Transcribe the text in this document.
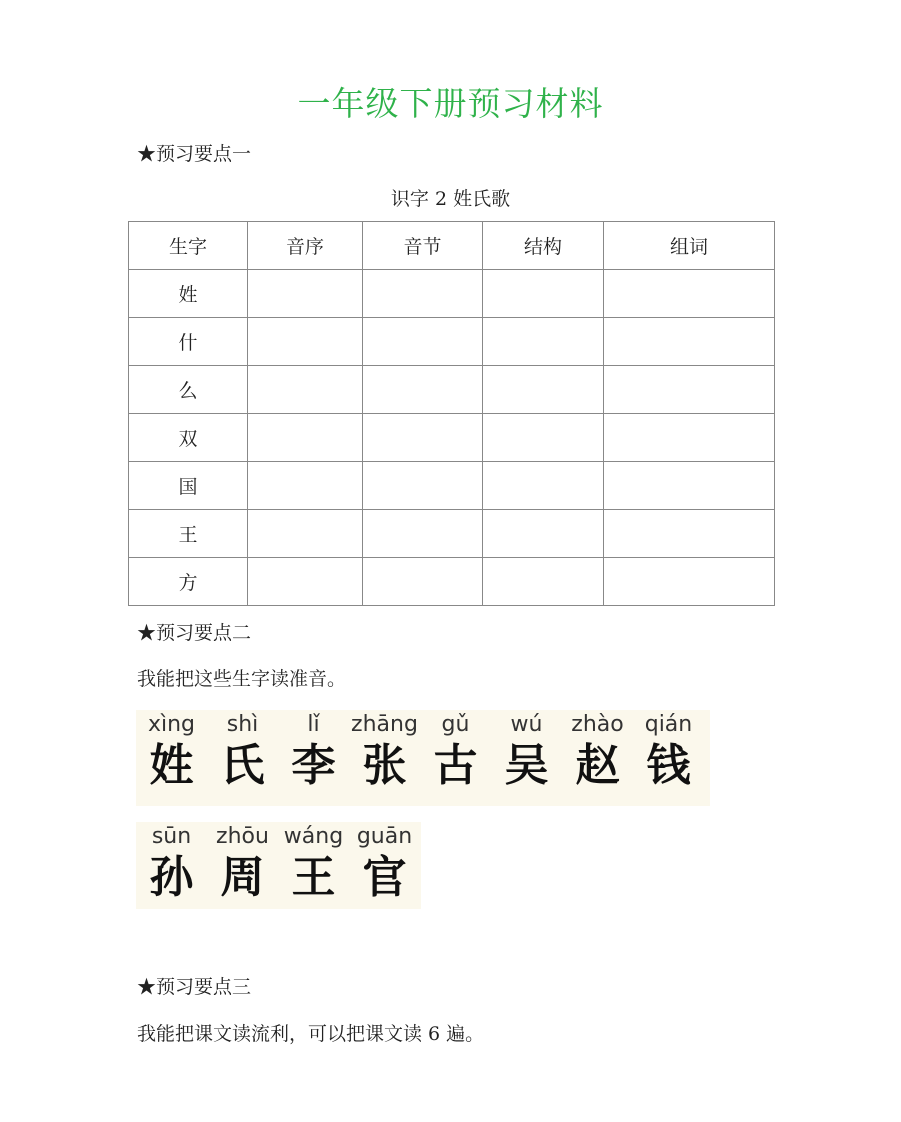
一年级下册预习材料
★预习要点一
识字 2 姓氏歌
生字	音序	音节	结构	组词
姓				
什				
么				
双				
国				
王				
方				
★预习要点二
我能把这些生字读准音。
xìng
姓
shì
氏
lǐ
李
zhāng
张
gǔ
古
wú
吴
zhào
赵
qián
钱
sūn
孙
zhōu
周
wáng
王
guān
官
★预习要点三
我能把课文读流利，可以把课文读 6 遍。
